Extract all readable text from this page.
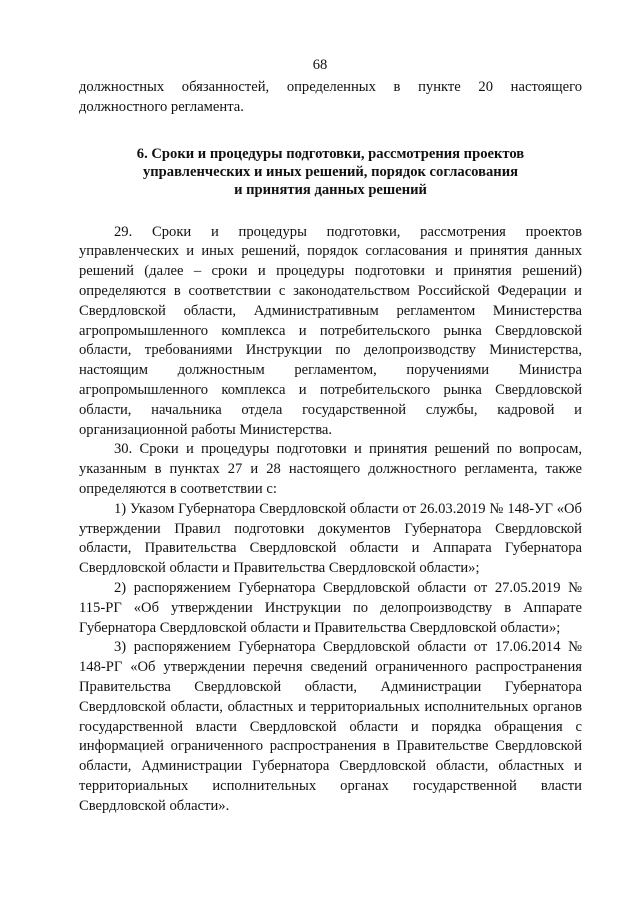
68

должностных обязанностей, определенных в пункте 20 настоящего должностного регламента.

6. Сроки и процедуры подготовки, рассмотрения проектов
управленческих и иных решений, порядок согласования
и принятия данных решений

29. Сроки и процедуры подготовки, рассмотрения проектов управленческих и иных решений, порядок согласования и принятия данных решений (далее – сроки и процедуры подготовки и принятия решений) определяются в соответствии с законодательством Российской Федерации и Свердловской области, Административным регламентом Министерства агропромышленного комплекса и потребительского рынка Свердловской области, требованиями Инструкции по делопроизводству Министерства, настоящим должностным регламентом, поручениями Министра агропромышленного комплекса и потребительского рынка Свердловской области, начальника отдела государственной службы, кадровой и организационной работы Министерства.

30. Сроки и процедуры подготовки и принятия решений по вопросам, указанным в пунктах 27 и 28 настоящего должностного регламента, также определяются в соответствии с:

1) Указом Губернатора Свердловской области от 26.03.2019 № 148-УГ «Об утверждении Правил подготовки документов Губернатора Свердловской области, Правительства Свердловской области и Аппарата Губернатора Свердловской области и Правительства Свердловской области»;

2) распоряжением Губернатора Свердловской области от 27.05.2019 № 115-РГ «Об утверждении Инструкции по делопроизводству в Аппарате Губернатора Свердловской области и Правительства Свердловской области»;

3) распоряжением Губернатора Свердловской области от 17.06.2014 № 148-РГ «Об утверждении перечня сведений ограниченного распространения Правительства Свердловской области, Администрации Губернатора Свердловской области, областных и территориальных исполнительных органов государственной власти Свердловской области и порядка обращения с информацией ограниченного распространения в Правительстве Свердловской области, Администрации Губернатора Свердловской области, областных и территориальных исполнительных органах государственной власти Свердловской области».
